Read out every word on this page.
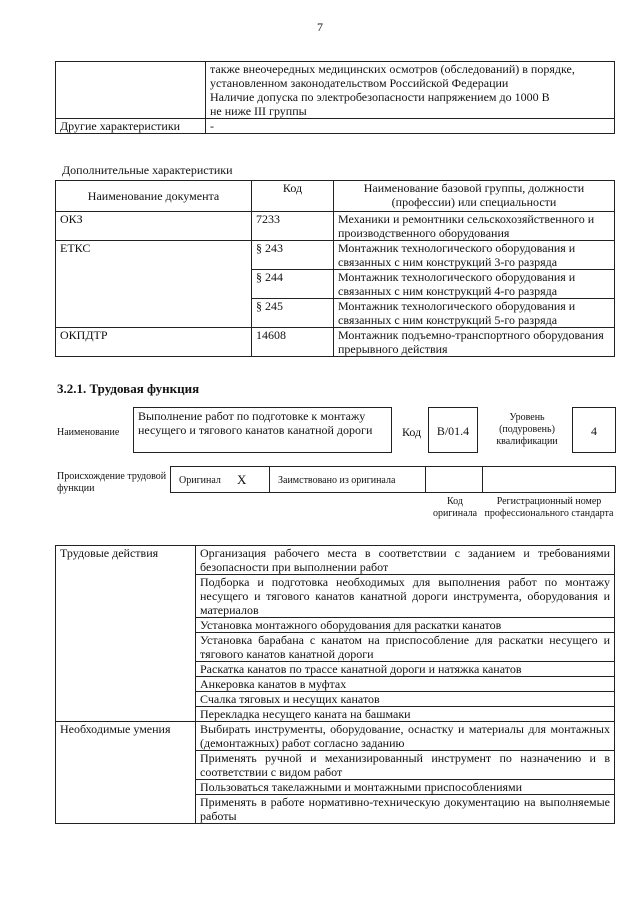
7

	также внеочередных медицинских осмотров (обследований) в порядке,
установленном законодательством Российской Федерации
Наличие допуска по электробезопасности напряжением до 1000 В
не ниже III группы

Другие характеристики	-
Дополнительные характеристики
Наименование документа	Код	Наименование базовой группы, должности (профессии) или специальности
ОКЗ	7233	Механики и ремонтники сельскохозяйственного и производственного оборудования
ЕТКС	§ 243	Монтажник технологического оборудования и связанных с ним конструкций 3-го разряда
	§ 244	Монтажник технологического оборудования и связанных с ним конструкций 4-го разряда
	§ 245	Монтажник технологического оборудования и связанных с ним конструкций 5-го разряда
ОКПДТР	14608	Монтажник подъемно-транспортного оборудования прерывного действия
3.2.1. Трудовая функция
Наименование
Выполнение работ по подготовке к монтажу несущего и тягового канатов канатной дороги	Код	B/01.4
Уровень (подуровень) квалификации
4
Происхождение трудовой функции
Оригинал X	Заимствовано из оригинала
Код оригинала
Регистрационный номер профессионального стандарта
Трудовые действия	Организация рабочего места в соответствии с заданием и требованиями безопасности при выполнении работ
	Подборка и подготовка необходимых для выполнения работ по монтажу несущего и тягового канатов канатной дороги инструмента, оборудования и материалов
	Установка монтажного оборудования для раскатки канатов
	Установка барабана с канатом на приспособление для раскатки несущего и тягового канатов канатной дороги
	Раскатка канатов по трассе канатной дороги и натяжка канатов
	Анкеровка канатов в муфтах
	Счалка тяговых и несущих канатов
	Перекладка несущего каната на башмаки
Необходимые умения	Выбирать инструменты, оборудование, оснастку и материалы для монтажных (демонтажных) работ согласно заданию
	Применять ручной и механизированный инструмент по назначению и в соответствии с видом работ
	Пользоваться такелажными и монтажными приспособлениями
	Применять в работе нормативно-техническую документацию на выполняемые работы
